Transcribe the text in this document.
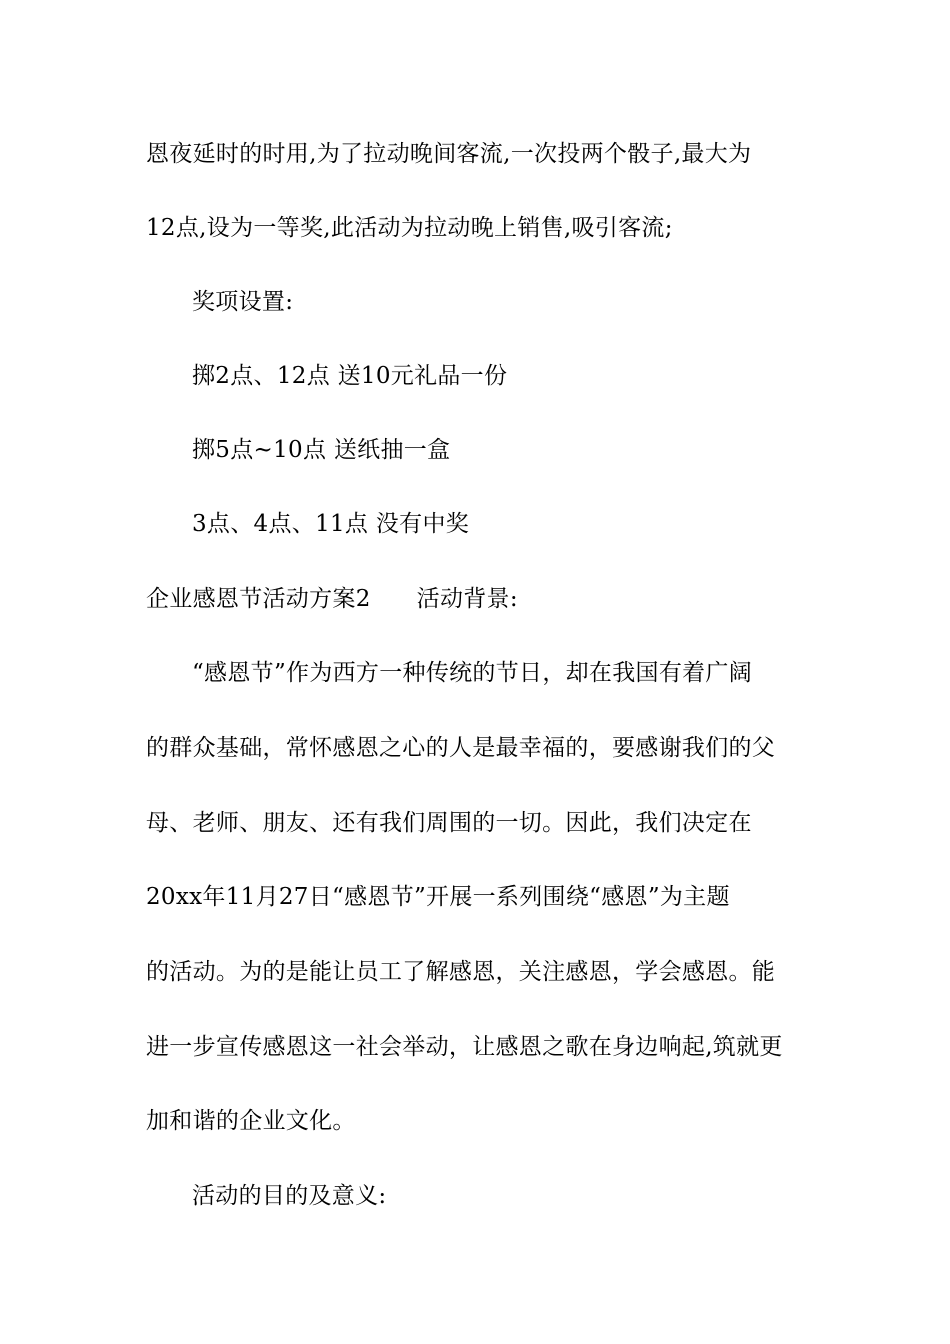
恩夜延时的时用,为了拉动晚间客流,一次投两个骰子,最大为
12点,设为一等奖,此活动为拉动晚上销售,吸引客流;
奖项设置:
掷2点、12点 送10元礼品一份
掷5点~10点 送纸抽一盒
3点、4点、11点 没有中奖
企业感恩节活动方案2 活动背景:
“感恩节”作为西方一种传统的节日，却在我国有着广阔
的群众基础，常怀感恩之心的人是最幸福的，要感谢我们的父
母、老师、朋友、还有我们周围的一切。因此，我们决定在
20xx年11月27日“感恩节”开展一系列围绕“感恩”为主题
的活动。为的是能让员工了解感恩，关注感恩，学会感恩。能
进一步宣传感恩这一社会举动，让感恩之歌在身边响起,筑就更
加和谐的企业文化。
活动的目的及意义:
